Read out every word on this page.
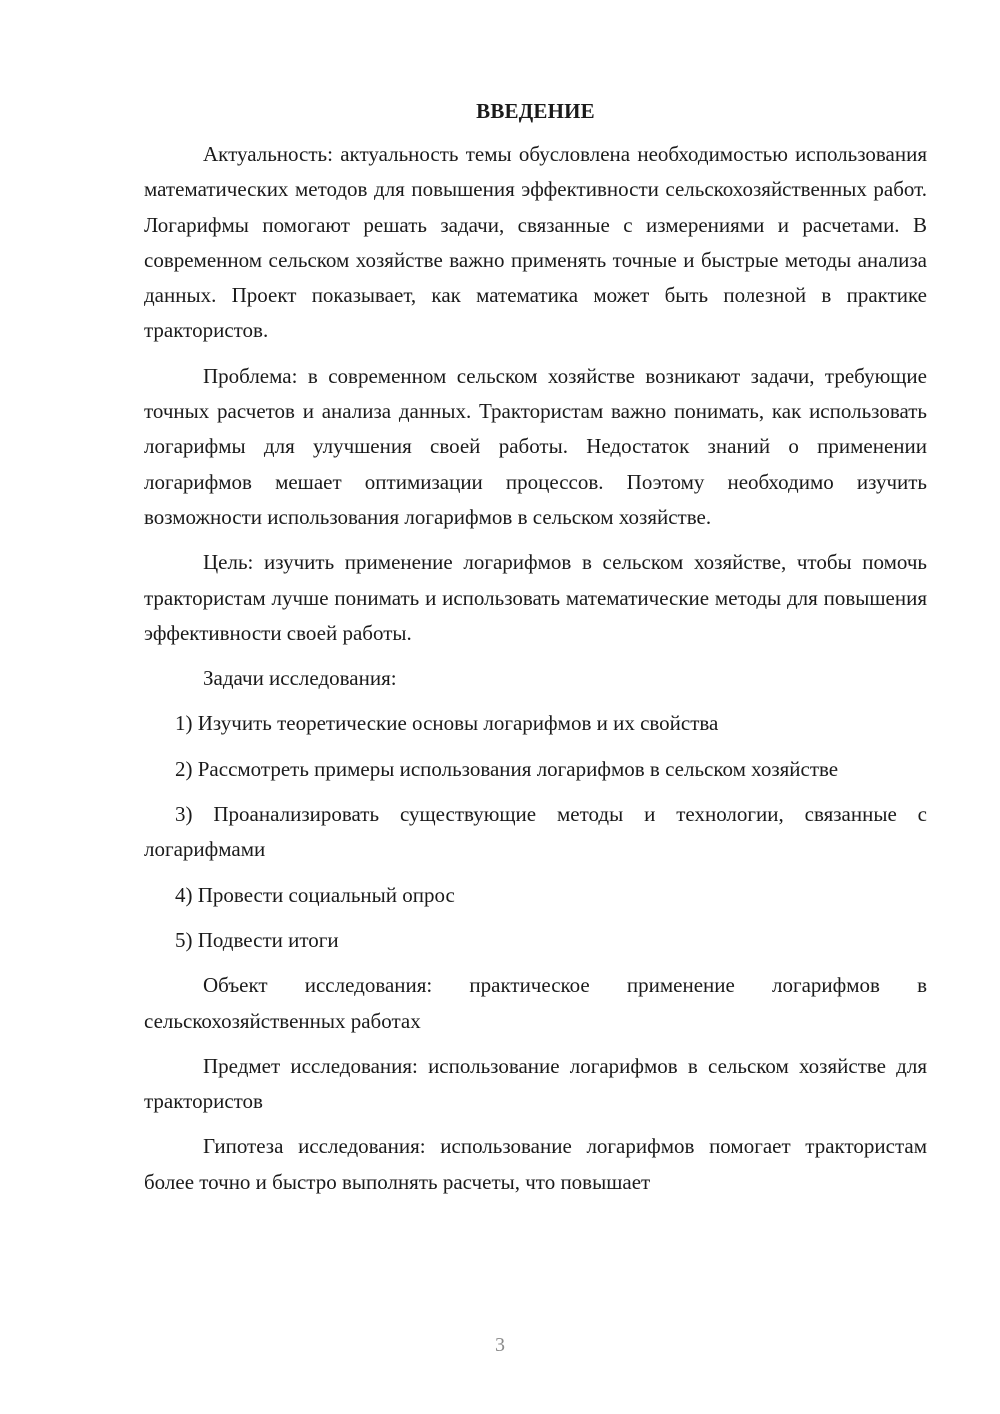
ВВЕДЕНИЕ

Актуальность: актуальность темы обусловлена необходимостью использования математических методов для повышения эффективности сельскохозяйственных работ. Логарифмы помогают решать задачи, связанные с измерениями и расчетами. В современном сельском хозяйстве важно применять точные и быстрые методы анализа данных. Проект показывает, как математика может быть полезной в практике трактористов.

Проблема: в современном сельском хозяйстве возникают задачи, требующие точных расчетов и анализа данных. Трактористам важно понимать, как использовать логарифмы для улучшения своей работы. Недостаток знаний о применении логарифмов мешает оптимизации процессов. Поэтому необходимо изучить возможности использования логарифмов в сельском хозяйстве.

Цель: изучить применение логарифмов в сельском хозяйстве, чтобы помочь трактористам лучше понимать и использовать математические методы для повышения эффективности своей работы.

Задачи исследования:

1) Изучить теоретические основы логарифмов и их свойства

2) Рассмотреть примеры использования логарифмов в сельском хозяйстве

3) Проанализировать существующие методы и технологии, связанные с логарифмами

4) Провести социальный опрос

5) Подвести итоги

Объект исследования: практическое применение логарифмов в сельскохозяйственных работах

Предмет исследования: использование логарифмов в сельском хозяйстве для трактористов

Гипотеза исследования: использование логарифмов помогает трактористам более точно и быстро выполнять расчеты, что повышает

3
